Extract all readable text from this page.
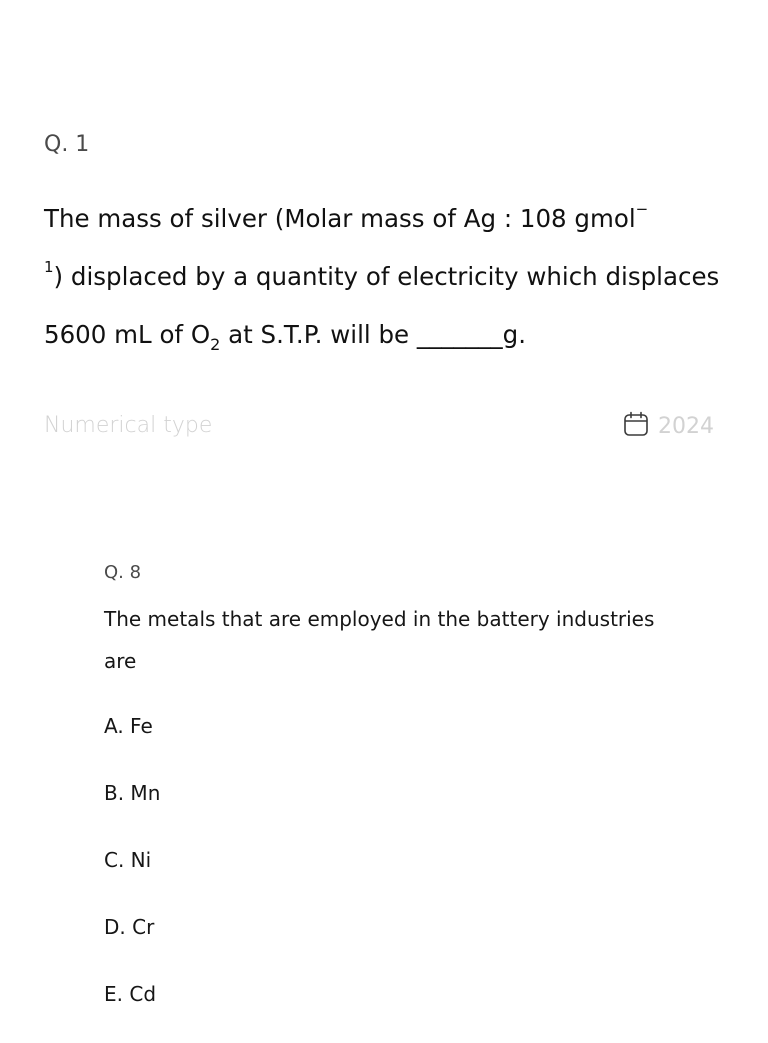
Q. 1
The mass of silver (Molar mass of Ag : 108 gmol−
$^1$) displaced by a quantity of electricity which displaces 5600 mL of $O_2$ at S.T.P. will be _______g.
Numerical type	2024
Q. 8
The metals that are employed in the battery industries are
A. Fe
B. Mn
C. Ni
D. Cr
E. Cd
